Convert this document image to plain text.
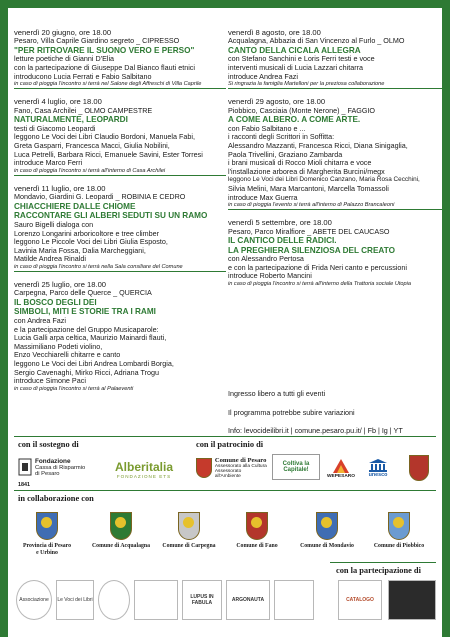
venerdì 20 giugno, ore 18.00
Pesaro, Villa Caprile Giardino segreto _ CIPRESSO
"PER RITROVARE IL SUONO VERO E PERSO"
letture poetiche di Gianni D'Elia
con la partecipazione di Giuseppe Dal Bianco flauti etnici
introducono Lucia Ferrati e Fabio Salbitano
in caso di pioggia l'incontro si terrà nel Salone degli Affreschi di Villa Caprile
venerdì 4 luglio, ore 18.00
Fano, Casa Archilei _ OLMO CAMPESTRE
NATURALMENTE, LEOPARDI
testi di Giacomo Leopardi
leggono Le Voci dei Libri Claudio Bordoni, Manuela Fabi,
Greta Gasparri, Francesca Macci, Giulia Nobilini,
Luca Petrelli, Barbara Ricci, Emanuele Savini, Ester Torresi
introduce Marco Ferri
in caso di pioggia l'incontro si terrà all'interno di Casa Archilei
venerdì 11 luglio, ore 18.00
Mondavio, Giardini G. Leopardi _ ROBINIA E CEDRO
CHIACCHIERE DALLE CHIOME
RACCONTARE GLI ALBERI SEDUTI SU UN RAMO
Sauro Bigelli dialoga con
Lorenzo Longarini arboricoltore e tree climber
leggono Le Piccole Voci dei Libri Giulia Esposto,
Lavinia Maria Fossa, Dalia Marcheggiani,
Matilde Andrea Rinaldi
in caso di pioggia l'incontro si terrà nella Sala consiliare del Comune
venerdì 25 luglio, ore 18.00
Carpegna, Parco delle Querce _ QUERCIA
IL BOSCO DEGLI DEI
SIMBOLI, MITI E STORIE TRA I RAMI
con Andrea Fazi
e la partecipazione del Gruppo Musicaparole:
Lucia Galli arpa celtica, Maurizio Mainardi flauti,
Massimiliano Podeti violino,
Enzo Vecchiarelli chitarre e canto
leggono Le Voci dei Libri Andrea Lombardi Borgia,
Sergio Cavenaghi, Mirko Ricci, Adriana Trogu
introduce Simone Paci
in caso di pioggia l'incontro si terrà al Palaeventi
venerdì 8 agosto, ore 18.00
Acqualagna, Abbazia di San Vincenzo al Furlo _ OLMO
CANTO DELLA CICALA ALLEGRA
con Stefano Sanchini e Loris Ferri testi e voce
interventi musicali di Lucia Lazzari chitarra
introduce Andrea Fazi
Si ringrazia la famiglia Martelloni per la preziosa collaborazione
venerdì 29 agosto, ore 18.00
Piobbico, Casciaia (Monte Nerone) _ FAGGIO
A COME ALBERO. A COME ARTE.
con Fabio Salbitano e ...
i racconti degli Scrittori in Soffitta:
Alessandro Mazzanti, Francesca Ricci, Diana Sinigaglia,
Paola Trivellini, Graziano Zambarda
i brani musicali di Rocco Mioli chitarra e voce
l'installazione arborea di Margherita Burcini/megx
leggono Le Voci dei Libri Domenico Canzano, Maria Rosa Cecchini,
Silvia Melini, Mara Marcantoni, Marcella Tomassoli
introduce Max Guerra
in caso di pioggia l'evento si terrà all'interno di Palazzo Brancaleoni
venerdì 5 settembre, ore 18.00
Pesaro, Parco Miralfiore _ ABETE DEL CAUCASO
IL CANTICO DELLE RADICI.
LA PREGHIERA SILENZIOSA DEL CREATO
con Alessandro Pertosa
e con la partecipazione di Frida Neri canto e percussioni
introduce Roberto Mancini
in caso di pioggia l'incontro si terrà all'interno della Trattoria sociale Utopia
Ingresso libero a tutti gli eventi
Il programma potrebbe subire variazioni
Info: levocideilibri.it | comune.pesaro.pu.it/ | Fb | Ig | YT
con il sostegno di	con il patrocinio di
Fondazione
Cassa di Risparmio
di Pesaro
1841
Alberitalia
FONDAZIONE ETS
Comune di Pesaro
Assessorato alla Cultura
Assessorato all'Ambiente
Coltiva la Capitale!
WEPESARO	unesco
in collaborazione con
Provincia di Pesaro e Urbino
Comune di Acqualagna Comune di Carpegna	Comune di Fano	Comune di Mondavio	Comune di Piobbico
con la partecipazione di
Associazione	Le Voci dei Libri	LUPUS IN FABULA	ARGONAUTA	CATALOGO
